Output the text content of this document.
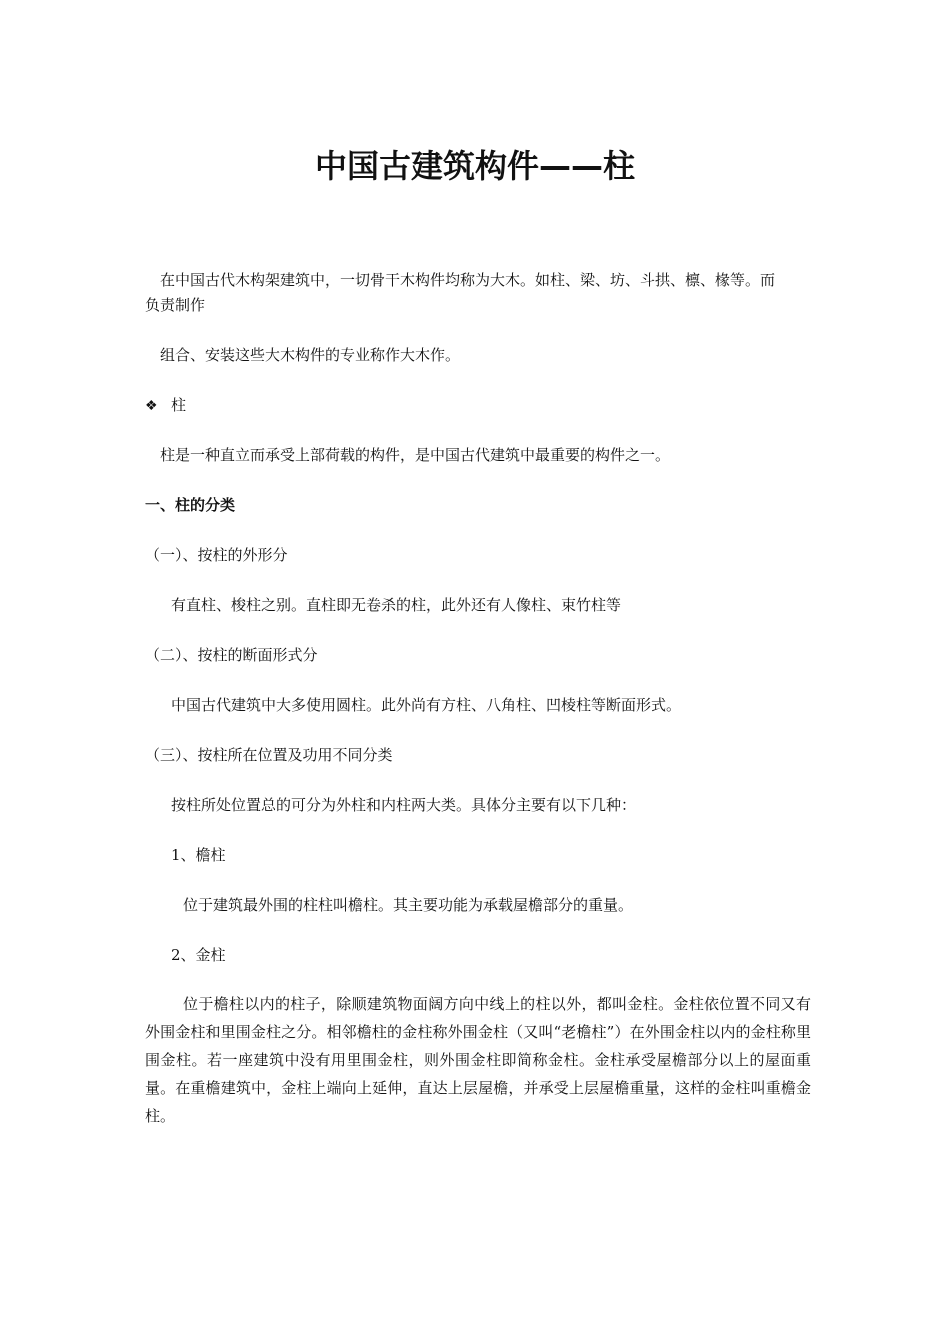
中国古建筑构件——柱

在中国古代木构架建筑中，一切骨干木构件均称为大木。如柱、梁、坊、斗拱、檩、椽等。而

负责制作

组合、安装这些大木构件的专业称作大木作。

❖ 柱

柱是一种直立而承受上部荷载的构件，是中国古代建筑中最重要的构件之一。

一、柱的分类

（一）、按柱的外形分

有直柱、梭柱之别。直柱即无卷杀的柱，此外还有人像柱、束竹柱等

（二）、按柱的断面形式分

中国古代建筑中大多使用圆柱。此外尚有方柱、八角柱、凹棱柱等断面形式。

（三）、按柱所在位置及功用不同分类

按柱所处位置总的可分为外柱和内柱两大类。具体分主要有以下几种：

1、檐柱

位于建筑最外围的柱柱叫檐柱。其主要功能为承载屋檐部分的重量。

2、金柱

位于檐柱以内的柱子，除顺建筑物面阔方向中线上的柱以外，都叫金柱。金柱依位置不同又有外围金柱和里围金柱之分。相邻檐柱的金柱称外围金柱（又叫“老檐柱”）在外围金柱以内的金柱称里围金柱。若一座建筑中没有用里围金柱，则外围金柱即简称金柱。金柱承受屋檐部分以上的屋面重量。在重檐建筑中，金柱上端向上延伸，直达上层屋檐，并承受上层屋檐重量，这样的金柱叫重檐金柱。
